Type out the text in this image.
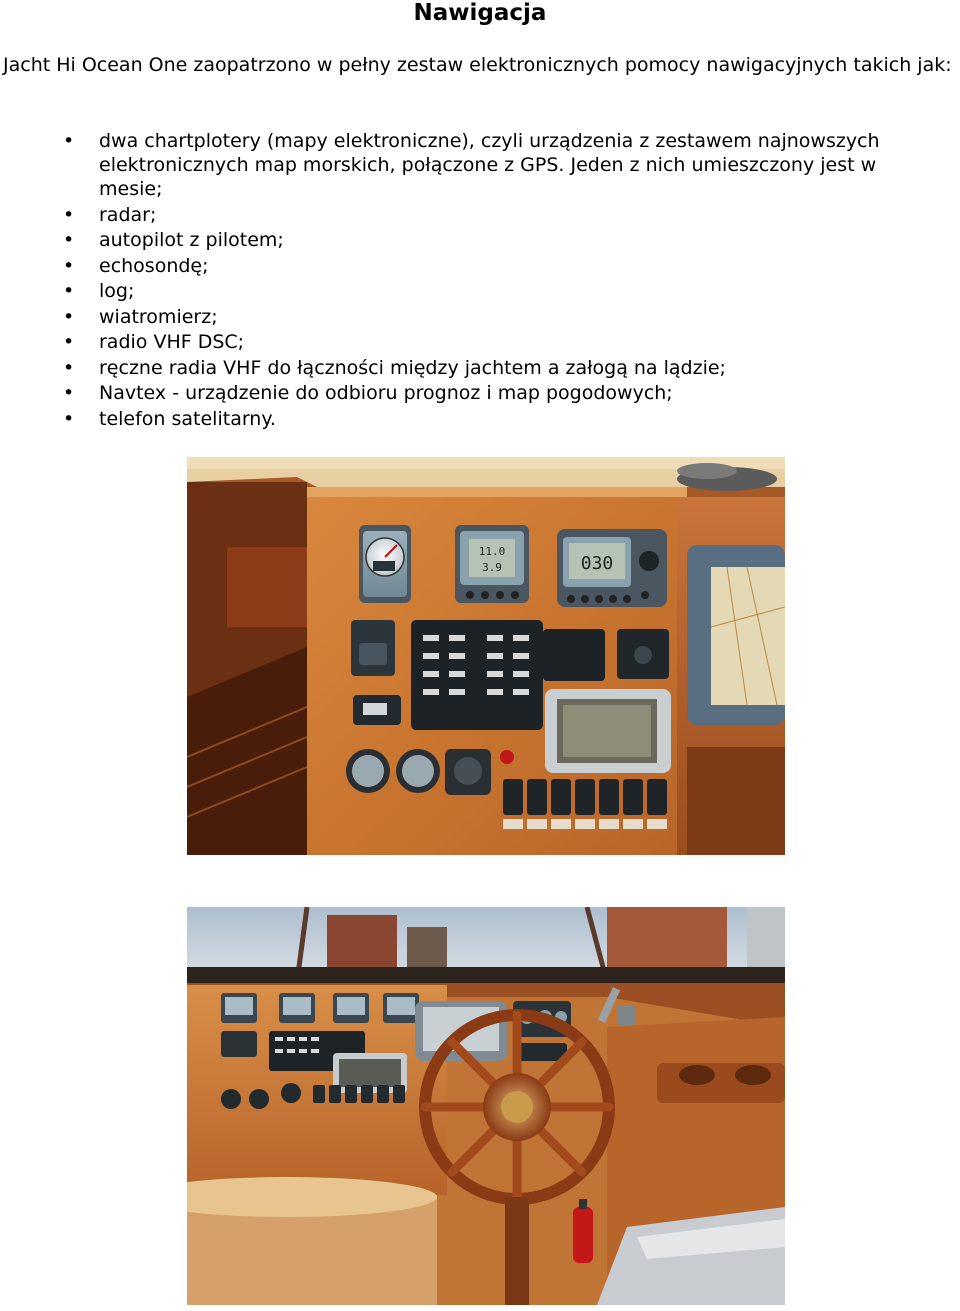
Nawigacja

Jacht Hi Ocean One zaopatrzono w pełny zestaw elektronicznych pomocy nawigacyjnych takich jak:

• dwa chartplotery (mapy elektroniczne), czyli urządzenia z zestawem najnowszych elektronicznych map morskich, połączone z GPS. Jeden z nich umieszczony jest w mesie;
• radar;
• autopilot z pilotem;
• echosondę;
• log;
• wiatromierz;
• radio VHF DSC;
• ręczne radia VHF do łączności między jachtem a załogą na lądzie;
• Navtex - urządzenie do odbioru prognoz i map pogodowych;
• telefon satelitarny.
11.0
3.9	030
